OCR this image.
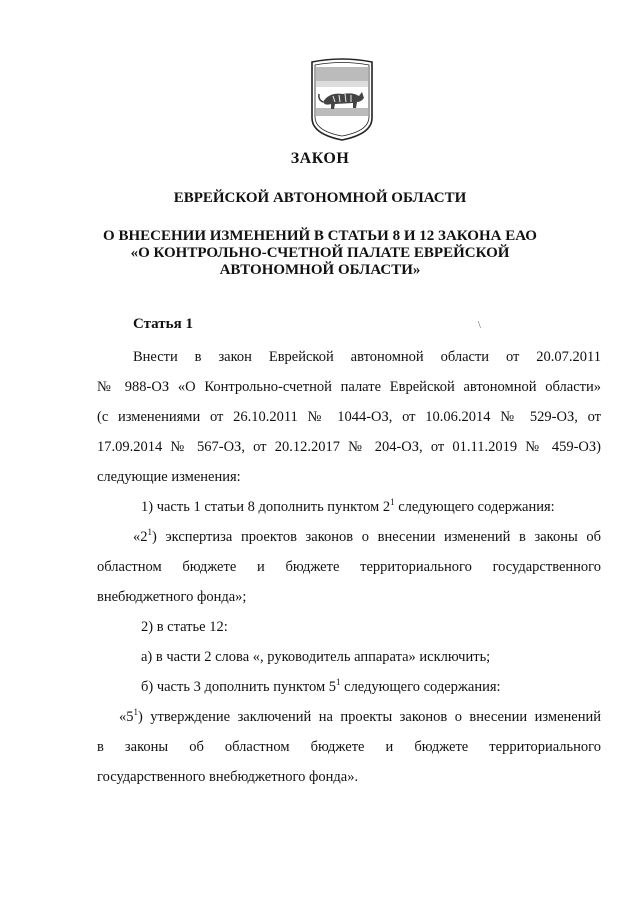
ЗАКОН
ЕВРЕЙСКОЙ АВТОНОМНОЙ ОБЛАСТИ
О ВНЕСЕНИИ ИЗМЕНЕНИЙ В СТАТЬИ 8 И 12 ЗАКОНА ЕАО
«О КОНТРОЛЬНО-СЧЕТНОЙ ПАЛАТЕ ЕВРЕЙСКОЙ
АВТОНОМНОЙ ОБЛАСТИ»
Статья 1	\
Внести в закон Еврейской автономной области от 20.07.2011
№ 988-ОЗ «О Контрольно-счетной палате Еврейской автономной области»
(с изменениями от 26.10.2011 № 1044-ОЗ, от 10.06.2014 № 529-ОЗ, от
17.09.2014 № 567-ОЗ, от 20.12.2017 № 204-ОЗ, от 01.11.2019 № 459-ОЗ)
следующие изменения:
1) часть 1 статьи 8 дополнить пунктом $2^1$ следующего содержания:
«$2^1$) экспертиза проектов законов о внесении изменений в законы об
областном бюджете и бюджете территориального государственного
внебюджетного фонда»;
2) в статье 12:
а) в части 2 слова «, руководитель аппарата» исключить;
б) часть 3 дополнить пунктом $5^1$ следующего содержания:
«$5^1$) утверждение заключений на проекты законов о внесении изменений
в законы об областном бюджете и бюджете территориального
государственного внебюджетного фонда».
